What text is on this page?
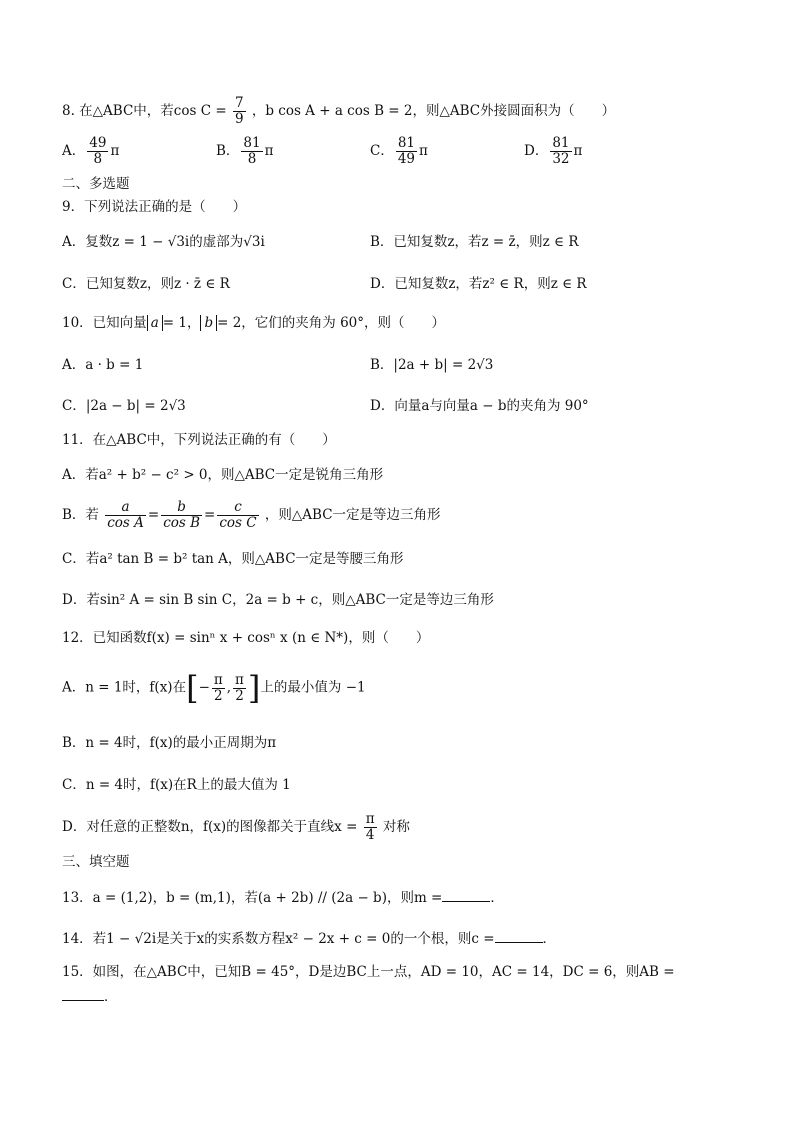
8. 在△ABC中，若$\cos C = \frac{7}{9}$ ，b cos A + a cos B = 2，则△ABC外接圆面积为（　　）
A． $\frac{49}{8}$ π	B． $\frac{81}{8}$ π	C． $\frac{81}{49}$ π	D． $\frac{81}{32}$ π
二、多选题
9．下列说法正确的是（　　）
A．复数z = 1 − √3i的虚部为√3i	B．已知复数z，若z = z̄，则z ∈ R
C．已知复数z，则z · z̄ ∈ R	D．已知复数z，若z² ∈ R，则z ∈ R
10．已知向量 a = 1， b = 2，它们的夹角为 60°，则（　　）
A．a · b = 1	B．|2a + b| = 2√3
C．|2a − b| = 2√3	D．向量a与向量a − b的夹角为 90°
11．在△ABC中，下列说法正确的有（　　）
A．若a² + b² − c² > 0，则△ABC一定是锐角三角形
B．若 $\frac{a}{\text{cos A}} = \frac{b}{\text{cos B}} = \frac{c}{\text{cos C}}$ ，则△ABC一定是等边三角形
C．若a² tan B = b² tan A，则△ABC一定是等腰三角形
D．若sin² A = sin B sin C，2a = b + c，则△ABC一定是等边三角形
12．已知函数f(x) = sinⁿ x + cosⁿ x (n ∈ N*)，则（　　）
A．n = 1时，f(x)在[− $\frac{\pi}{2}$ , $\frac{\pi}{2}$ ]上的最小值为 −1
B．n = 4时，f(x)的最小正周期为π
C．n = 4时，f(x)在R上的最大值为 1
D．对任意的正整数n，f(x)的图像都关于直线$x = \frac{\pi}{4}$ 对称
三、填空题
13．a = (1,2)，b = (m,1)，若(a + 2b) // (2a − b)，则m =	．
14．若1 − √2i是关于x的实系数方程x² − 2x + c = 0的一个根，则c =	．
15．如图，在△ABC中，已知B = 45°，D是边BC上一点，AD = 10，AC = 14，DC = 6，则AB =
．
